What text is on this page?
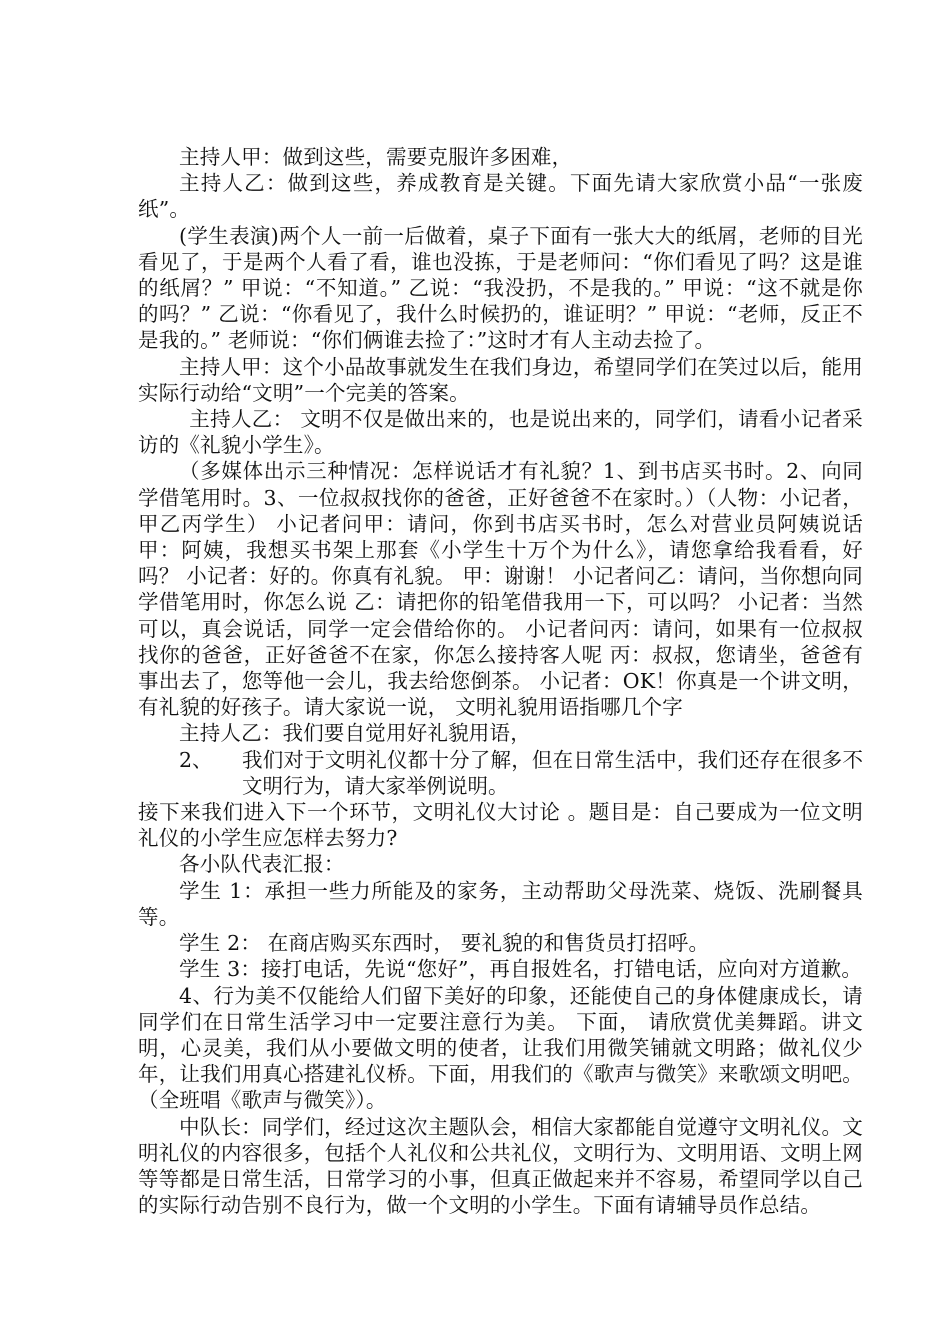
主持人甲：做到这些，需要克服许多困难，

主持人乙：做到这些，养成教育是关键。下面先请大家欣赏小品“一张废纸”。

(学生表演)两个人一前一后做着，桌子下面有一张大大的纸屑，老师的目光看见了，于是两个人看了看，谁也没拣，于是老师问：“你们看见了吗？这是谁的纸屑？” 甲说：“不知道。” 乙说：“我没扔，不是我的。” 甲说：“这不就是你的吗？” 乙说：“你看见了，我什么时候扔的，谁证明？” 甲说：“老师，反正不是我的。” 老师说：“你们俩谁去捡了：”这时才有人主动去捡了。

主持人甲：这个小品故事就发生在我们身边，希望同学们在笑过以后，能用实际行动给“文明”一个完美的答案。

主持人乙： 文明不仅是做出来的，也是说出来的，同学们，请看小记者采访的《礼貌小学生》。

（多媒体出示三种情况：怎样说话才有礼貌？1、到书店买书时。2、向同学借笔用时。3、一位叔叔找你的爸爸，正好爸爸不在家时。）（人物：小记者，甲乙丙学生） 小记者问甲：请问，你到书店买书时，怎么对营业员阿姨说话 甲：阿姨，我想买书架上那套《小学生十万个为什么》，请您拿给我看看，好吗？ 小记者：好的。你真有礼貌。 甲：谢谢！ 小记者问乙：请问，当你想向同学借笔用时，你怎么说 乙：请把你的铅笔借我用一下，可以吗？ 小记者：当然可以，真会说话，同学一定会借给你的。 小记者问丙：请问，如果有一位叔叔找你的爸爸，正好爸爸不在家，你怎么接持客人呢 丙：叔叔，您请坐，爸爸有事出去了，您等他一会儿，我去给您倒茶。 小记者：OK！你真是一个讲文明，有礼貌的好孩子。请大家说一说， 文明礼貌用语指哪几个字

主持人乙：我们要自觉用好礼貌用语，

2、	我们对于文明礼仪都十分了解，但在日常生活中，我们还存在很多不文明行为，请大家举例说明。

接下来我们进入下一个环节，文明礼仪大讨论 。题目是：自己要成为一位文明礼仪的小学生应怎样去努力?

各小队代表汇报：

学生 1：承担一些力所能及的家务，主动帮助父母洗菜、烧饭、洗刷餐具等。

学生 2： 在商店购买东西时， 要礼貌的和售货员打招呼。

学生 3：接打电话，先说“您好”，再自报姓名，打错电话，应向对方道歉。

4、行为美不仅能给人们留下美好的印象，还能使自己的身体健康成长，请同学们在日常生活学习中一定要注意行为美。 下面， 请欣赏优美舞蹈。讲文明，心灵美，我们从小要做文明的使者，让我们用微笑铺就文明路；做礼仪少年，让我们用真心搭建礼仪桥。下面，用我们的《歌声与微笑》来歌颂文明吧。（全班唱《歌声与微笑》）。

中队长：同学们，经过这次主题队会，相信大家都能自觉遵守文明礼仪。文明礼仪的内容很多，包括个人礼仪和公共礼仪，文明行为、文明用语、文明上网等等都是日常生活，日常学习的小事，但真正做起来并不容易，希望同学以自己的实际行动告别不良行为，做一个文明的小学生。下面有请辅导员作总结。
